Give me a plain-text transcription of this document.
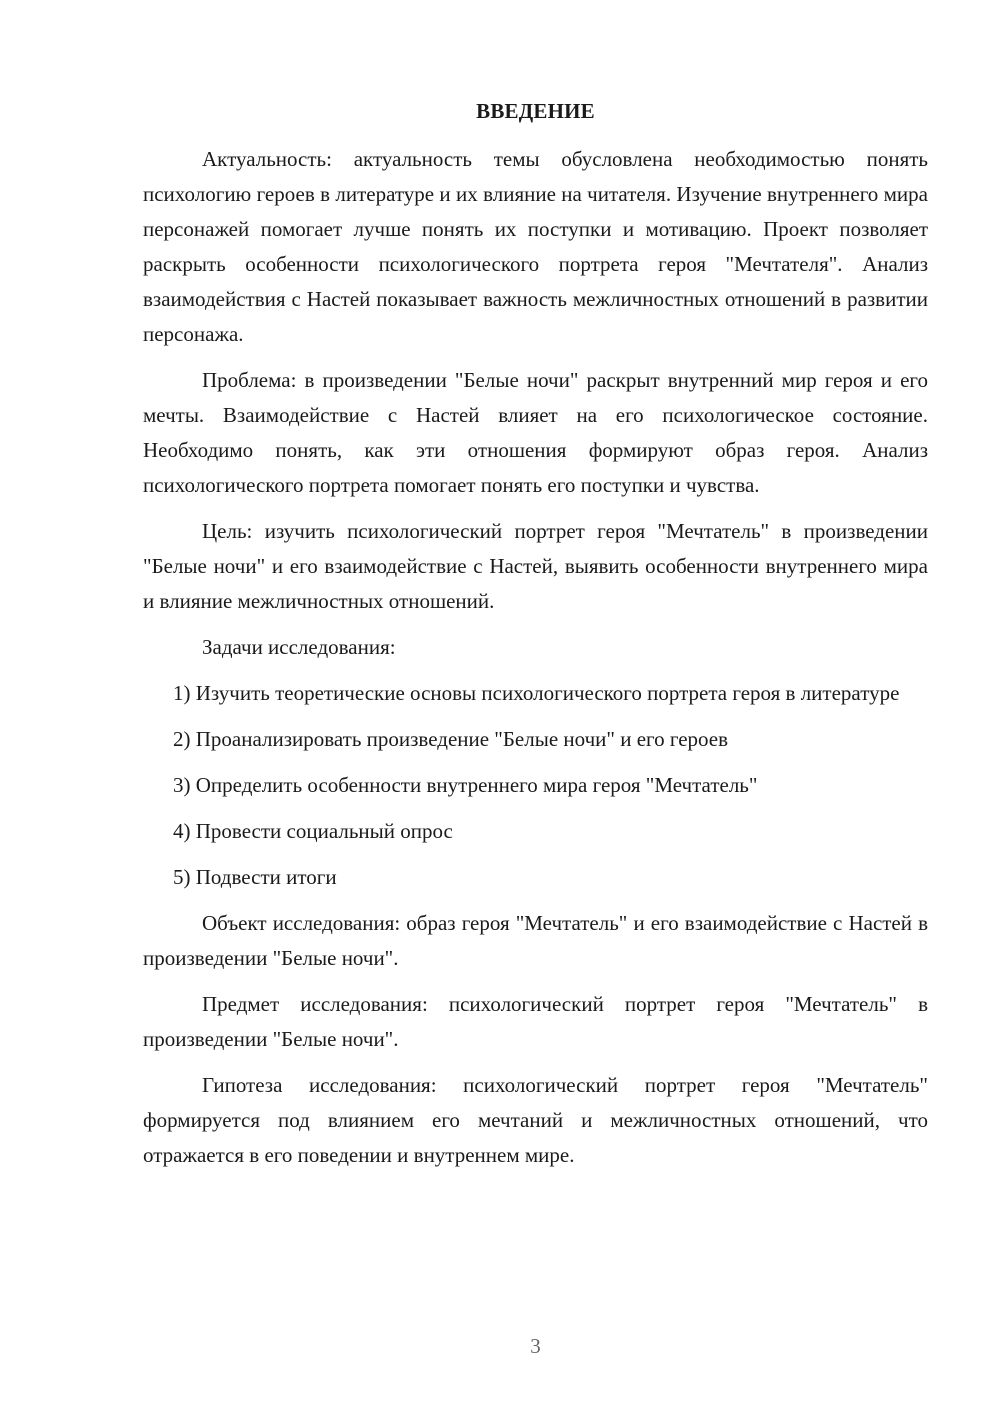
ВВЕДЕНИЕ

Актуальность: актуальность темы обусловлена необходимостью понять психологию героев в литературе и их влияние на читателя. Изучение внутреннего мира персонажей помогает лучше понять их поступки и мотивацию. Проект позволяет раскрыть особенности психологического портрета героя "Мечтателя". Анализ взаимодействия с Настей показывает важность межличностных отношений в развитии персонажа.

Проблема: в произведении "Белые ночи" раскрыт внутренний мир героя и его мечты. Взаимодействие с Настей влияет на его психологическое состояние. Необходимо понять, как эти отношения формируют образ героя. Анализ психологического портрета помогает понять его поступки и чувства.

Цель: изучить психологический портрет героя "Мечтатель" в произведении "Белые ночи" и его взаимодействие с Настей, выявить особенности внутреннего мира и влияние межличностных отношений.

Задачи исследования:

1) Изучить теоретические основы психологического портрета героя в литературе

2) Проанализировать произведение "Белые ночи" и его героев

3) Определить особенности внутреннего мира героя "Мечтатель"

4) Провести социальный опрос

5) Подвести итоги

Объект исследования: образ героя "Мечтатель" и его взаимодействие с Настей в произведении "Белые ночи".

Предмет исследования: психологический портрет героя "Мечтатель" в произведении "Белые ночи".

Гипотеза исследования: психологический портрет героя "Мечтатель" формируется под влиянием его мечтаний и межличностных отношений, что отражается в его поведении и внутреннем мире.

3
